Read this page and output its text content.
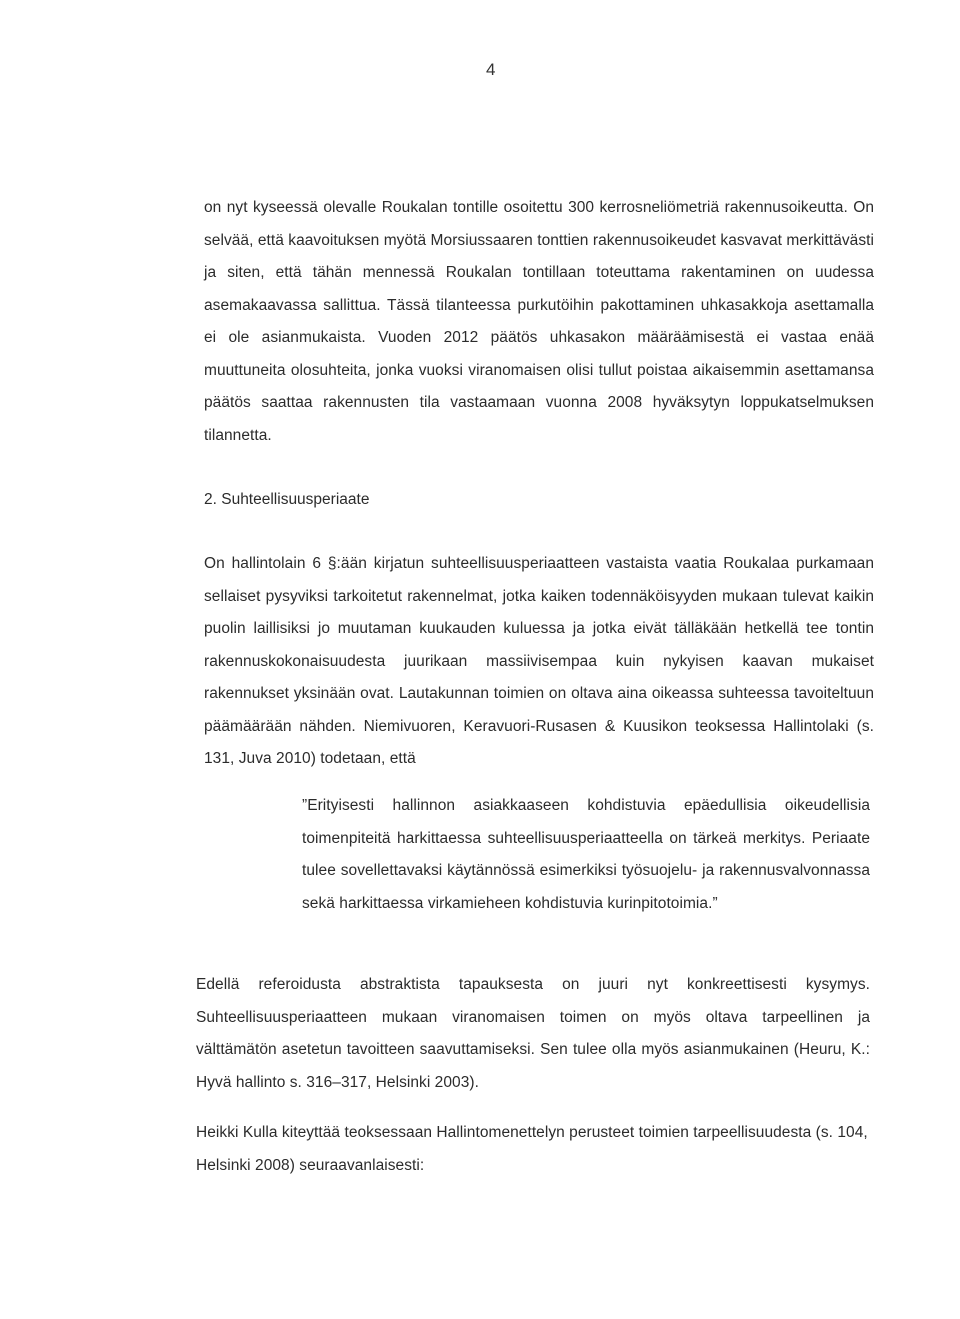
4
on nyt kyseessä olevalle Roukalan tontille osoitettu 300 kerrosneliömetriä rakennusoikeutta. On selvää, että kaavoituksen myötä Morsiussaaren tonttien rakennusoikeudet kasvavat merkittävästi ja siten, että tähän mennessä Roukalan tontillaan toteuttama rakentaminen on uudessa asemakaavassa sallittua. Tässä tilanteessa purkutöihin pakottaminen uhkasakkoja asettamalla ei ole asianmukaista. Vuoden 2012 päätös uhkasakon määräämisestä ei vastaa enää muuttuneita olosuhteita, jonka vuoksi viranomaisen olisi tullut poistaa aikaisemmin asettamansa päätös saattaa rakennusten tila vastaamaan vuonna 2008 hyväksytyn loppukatselmuksen tilannetta.
2. Suhteellisuusperiaate
On hallintolain 6 §:ään kirjatun suhteellisuusperiaatteen vastaista vaatia Roukalaa purkamaan sellaiset pysyviksi tarkoitetut rakennelmat, jotka kaiken todennäköisyyden mukaan tulevat kaikin puolin laillisiksi jo muutaman kuukauden kuluessa ja jotka eivät tälläkään hetkellä tee tontin rakennuskokonaisuudesta juurikaan massiivisempaa kuin nykyisen kaavan mukaiset rakennukset yksinään ovat. Lautakunnan toimien on oltava aina oikeassa suhteessa tavoiteltuun päämäärään nähden. Niemivuoren, Keravuori-Rusasen & Kuusikon teoksessa Hallintolaki (s. 131, Juva 2010) todetaan, että
”Erityisesti hallinnon asiakkaaseen kohdistuvia epäedullisia oikeudellisia toimenpiteitä harkittaessa suhteellisuusperiaatteella on tärkeä merkitys. Periaate tulee sovellettavaksi käytännössä esimerkiksi työsuojelu- ja rakennusvalvonnassa sekä harkittaessa virkamieheen kohdistuvia kurinpitotoimia.”
Edellä referoidusta abstraktista tapauksesta on juuri nyt konkreettisesti kysymys. Suhteellisuusperiaatteen mukaan viranomaisen toimen on myös oltava tarpeellinen ja välttämätön asetetun tavoitteen saavuttamiseksi. Sen tulee olla myös asianmukainen (Heuru, K.: Hyvä hallinto s. 316–317, Helsinki 2003).
Heikki Kulla kiteyttää teoksessaan Hallintomenettelyn perusteet toimien tarpeellisuudesta (s. 104, Helsinki 2008) seuraavanlaisesti:
